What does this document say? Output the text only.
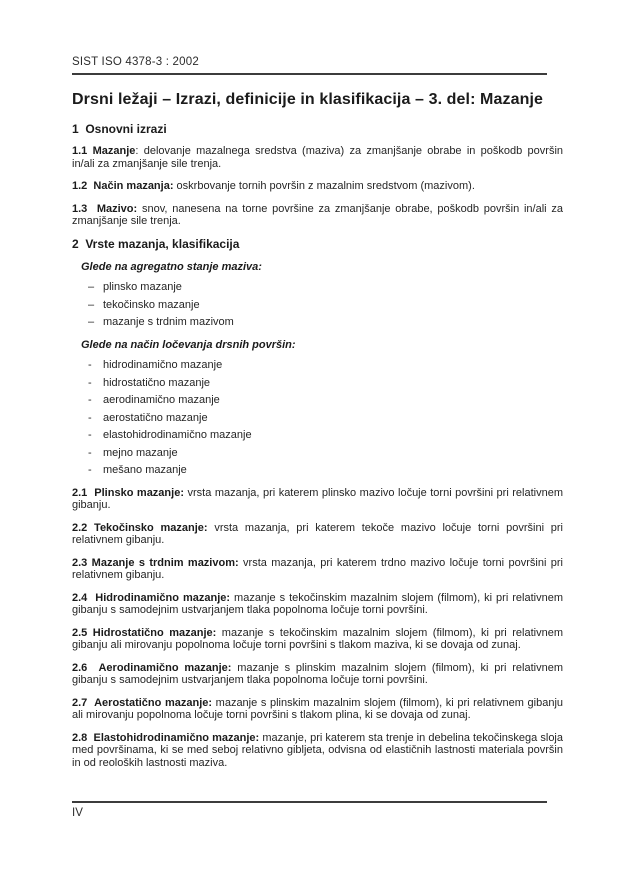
SIST ISO 4378-3 : 2002
Drsni ležaji – Izrazi, definicije in klasifikacija – 3. del: Mazanje
1  Osnovni izrazi

1.1 Mazanje: delovanje mazalnega sredstva (maziva) za zmanjšanje obrabe in poškodb površin in/ali za zmanjšanje sile trenja.

1.2  Način mazanja: oskrbovanje tornih površin z mazalnim sredstvom (mazivom).

1.3  Mazivo: snov, nanesena na torne površine za zmanjšanje obrabe, poškodb površin in/ali za zmanjšanje sile trenja.

2  Vrste mazanja, klasifikacija
Glede na agregatno stanje maziva:
– plinsko mazanje
– tekočinsko mazanje
– mazanje s trdnim mazivom
Glede na način ločevanja drsnih površin:
-	hidrodinamično mazanje
-	hidrostatično mazanje
-	aerodinamično mazanje
-	aerostatično mazanje
-	elastohidrodinamično mazanje
-	mejno mazanje
-	mešano mazanje

2.1  Plinsko mazanje: vrsta mazanja, pri katerem plinsko mazivo ločuje torni površini pri relativnem gibanju.

2.2 Tekočinsko mazanje: vrsta mazanja, pri katerem tekoče mazivo ločuje torni površini pri relativnem gibanju.

2.3 Mazanje s trdnim mazivom: vrsta mazanja, pri katerem trdno mazivo ločuje torni površini pri relativnem gibanju.

2.4  Hidrodinamično mazanje: mazanje s tekočinskim mazalnim slojem (filmom), ki pri relativnem gibanju s samodejnim ustvarjanjem tlaka popolnoma ločuje torni površini.

2.5 Hidrostatično mazanje: mazanje s tekočinskim mazalnim slojem (filmom), ki pri relativnem gibanju ali mirovanju popolnoma ločuje torni površini s tlakom maziva, ki se dovaja od zunaj.

2.6  Aerodinamično mazanje: mazanje s plinskim mazalnim slojem (filmom), ki pri relativnem gibanju s samodejnim ustvarjanjem tlaka popolnoma ločuje torni površini.

2.7  Aerostatično mazanje: mazanje s plinskim mazalnim slojem (filmom), ki pri relativnem gibanju ali mirovanju popolnoma ločuje torni površini s tlakom plina, ki se dovaja od zunaj.

2.8  Elastohidrodinamično mazanje: mazanje, pri katerem sta trenje in debelina tekočinskega sloja med površinama, ki se med seboj relativno gibljeta, odvisna od elastičnih lastnosti materiala površin in od reoloških lastnosti maziva.

IV
